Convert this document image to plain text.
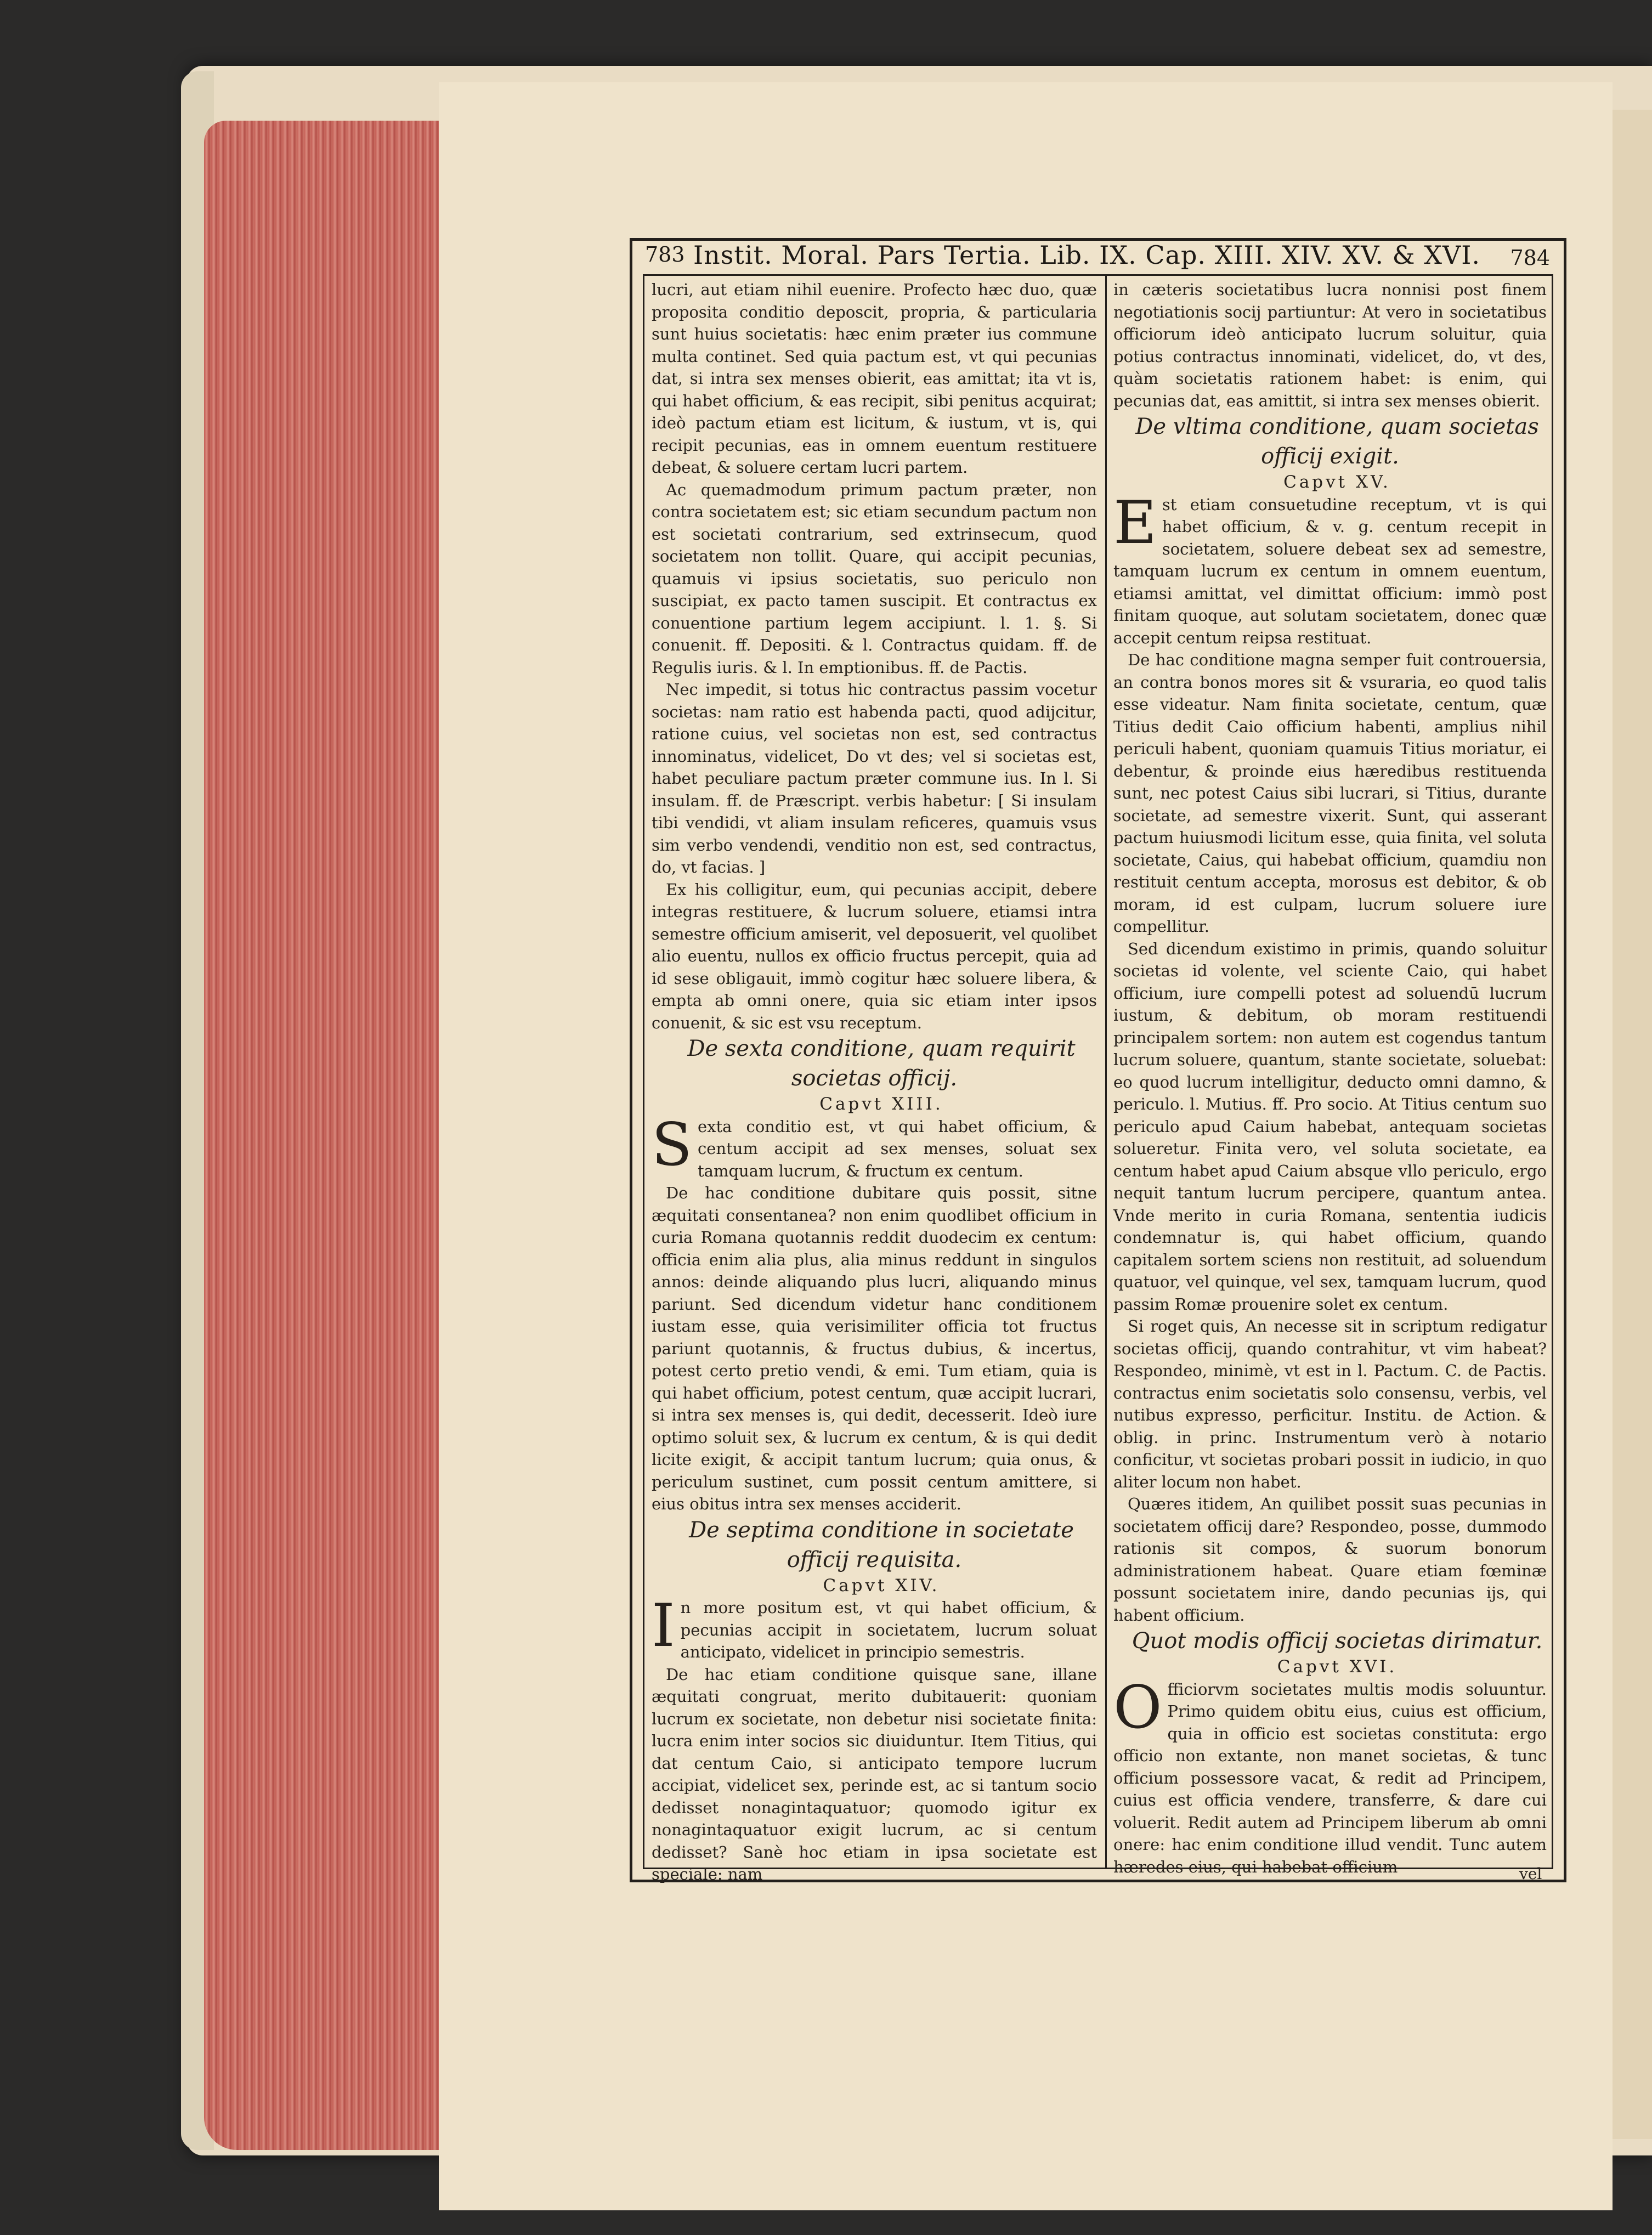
783 Instit. Moral. Pars Tertia. Lib. IX. Cap. XIII. XIV. XV. & XVI. 784

lucri, aut etiam nihil euenire. Profecto hæc duo, quæ proposita conditio deposcit, propria, & particularia sunt huius societatis: hæc enim præter ius commune multa continet. Sed quia pactum est, vt qui pecunias dat, si intra sex menses obierit, eas amittat; ita vt is, qui habet officium, & eas recipit, sibi penitus acquirat; ideò pactum etiam est licitum, & iustum, vt is, qui recipit pecunias, eas in omnem euentum restituere debeat, & soluere certam lucri partem.

Ac quemadmodum primum pactum præter, non contra societatem est; sic etiam secundum pactum non est societati contrarium, sed extrinsecum, quod societatem non tollit. Quare, qui accipit pecunias, quamuis vi ipsius societatis, suo periculo non suscipiat, ex pacto tamen suscipit. Et contractus ex conuentione partium legem accipiunt. l. 1. §. Si conuenit. ff. Depositi. & l. Contractus quidam. ff. de Regulis iuris. & l. In emptionibus. ff. de Pactis.

Nec impedit, si totus hic contractus passim vocetur societas: nam ratio est habenda pacti, quod adijcitur, ratione cuius, vel societas non est, sed contractus innominatus, videlicet, Do vt des; vel si societas est, habet peculiare pactum præter commune ius. In l. Si insulam. ff. de Præscript. verbis habetur: [ Si insulam tibi vendidi, vt aliam insulam reficeres, quamuis vsus sim verbo vendendi, venditio non est, sed contractus, do, vt facias. ]

Ex his colligitur, eum, qui pecunias accipit, debere integras restituere, & lucrum soluere, etiamsi intra semestre officium amiserit, vel deposuerit, vel quolibet alio euentu, nullos ex officio fructus percepit, quia ad id sese obligauit, immò cogitur hæc soluere libera, & empta ab omni onere, quia sic etiam inter ipsos conuenit, & sic est vsu receptum.

De sexta conditione, quam requirit societas officij.

Capvt XIII.

Sexta conditio est, vt qui habet officium, & centum accipit ad sex menses, soluat sex tamquam lucrum, & fructum ex centum.

De hac conditione dubitare quis possit, sitne æquitati consentanea? non enim quodlibet officium in curia Romana quotannis reddit duodecim ex centum: officia enim alia plus, alia minus reddunt in singulos annos: deinde aliquando plus lucri, aliquando minus pariunt. Sed dicendum videtur hanc conditionem iustam esse, quia verisimiliter officia tot fructus pariunt quotannis, & fructus dubius, & incertus, potest certo pretio vendi, & emi. Tum etiam, quia is qui habet officium, potest centum, quæ accipit lucrari, si intra sex menses is, qui dedit, decesserit. Ideò iure optimo soluit sex, & lucrum ex centum, & is qui dedit licite exigit, & accipit tantum lucrum; quia onus, & periculum sustinet, cum possit centum amittere, si eius obitus intra sex menses acciderit.

De septima conditione in societate officij requisita.

Capvt XIV.

In more positum est, vt qui habet officium, & pecunias accipit in societatem, lucrum soluat anticipato, videlicet in principio semestris.

De hac etiam conditione quisque sane, illane æquitati congruat, merito dubitauerit: quoniam lucrum ex societate, non debetur nisi societate finita: lucra enim inter socios sic diuiduntur. Item Titius, qui dat centum Caio, si anticipato tempore lucrum accipiat, videlicet sex, perinde est, ac si tantum socio dedisset nonagintaquatuor; quomodo igitur ex nonagintaquatuor exigit lucrum, ac si centum dedisset? Sanè hoc etiam in ipsa societate est speciale: nam

in cæteris societatibus lucra nonnisi post finem negotiationis socij partiuntur: At vero in societatibus officiorum ideò anticipato lucrum soluitur, quia potius contractus innominati, videlicet, do, vt des, quàm societatis rationem habet: is enim, qui pecunias dat, eas amittit, si intra sex menses obierit.

De vltima conditione, quam societas officij exigit.

Capvt XV.

Est etiam consuetudine receptum, vt is qui habet officium, & v. g. centum recepit in societatem, soluere debeat sex ad semestre, tamquam lucrum ex centum in omnem euentum, etiamsi amittat, vel dimittat officium: immò post finitam quoque, aut solutam societatem, donec quæ accepit centum reipsa restituat.

De hac conditione magna semper fuit controuersia, an contra bonos mores sit & vsuraria, eo quod talis esse videatur. Nam finita societate, centum, quæ Titius dedit Caio officium habenti, amplius nihil periculi habent, quoniam quamuis Titius moriatur, ei debentur, & proinde eius hæredibus restituenda sunt, nec potest Caius sibi lucrari, si Titius, durante societate, ad semestre vixerit. Sunt, qui asserant pactum huiusmodi licitum esse, quia finita, vel soluta societate, Caius, qui habebat officium, quamdiu non restituit centum accepta, morosus est debitor, & ob moram, id est culpam, lucrum soluere iure compellitur.

Sed dicendum existimo in primis, quando soluitur societas id volente, vel sciente Caio, qui habet officium, iure compelli potest ad soluendū lucrum iustum, & debitum, ob moram restituendi principalem sortem: non autem est cogendus tantum lucrum soluere, quantum, stante societate, soluebat: eo quod lucrum intelligitur, deducto omni damno, & periculo. l. Mutius. ff. Pro socio. At Titius centum suo periculo apud Caium habebat, antequam societas solueretur. Finita vero, vel soluta societate, ea centum habet apud Caium absque vllo periculo, ergo nequit tantum lucrum percipere, quantum antea. Vnde merito in curia Romana, sententia iudicis condemnatur is, qui habet officium, quando capitalem sortem sciens non restituit, ad soluendum quatuor, vel quinque, vel sex, tamquam lucrum, quod passim Romæ prouenire solet ex centum.

Si roget quis, An necesse sit in scriptum redigatur societas officij, quando contrahitur, vt vim habeat? Respondeo, minimè, vt est in l. Pactum. C. de Pactis. contractus enim societatis solo consensu, verbis, vel nutibus expresso, perficitur. Institu. de Action. & oblig. in princ. Instrumentum verò à notario conficitur, vt societas probari possit in iudicio, in quo aliter locum non habet.

Quæres itidem, An quilibet possit suas pecunias in societatem officij dare? Respondeo, posse, dummodo rationis sit compos, & suorum bonorum administrationem habeat. Quare etiam fœminæ possunt societatem inire, dando pecunias ijs, qui habent officium.

Quot modis officij societas dirimatur.

Capvt XVI.

Officiorvm societates multis modis soluuntur. Primo quidem obitu eius, cuius est officium, quia in officio est societas constituta: ergo officio non extante, non manet societas, & tunc officium possessore vacat, & redit ad Principem, cuius est officia vendere, transferre, & dare cui voluerit. Redit autem ad Principem liberum ab omni onere: hac enim conditione illud vendit. Tunc autem hæredes eius, qui habebat officium	vel
